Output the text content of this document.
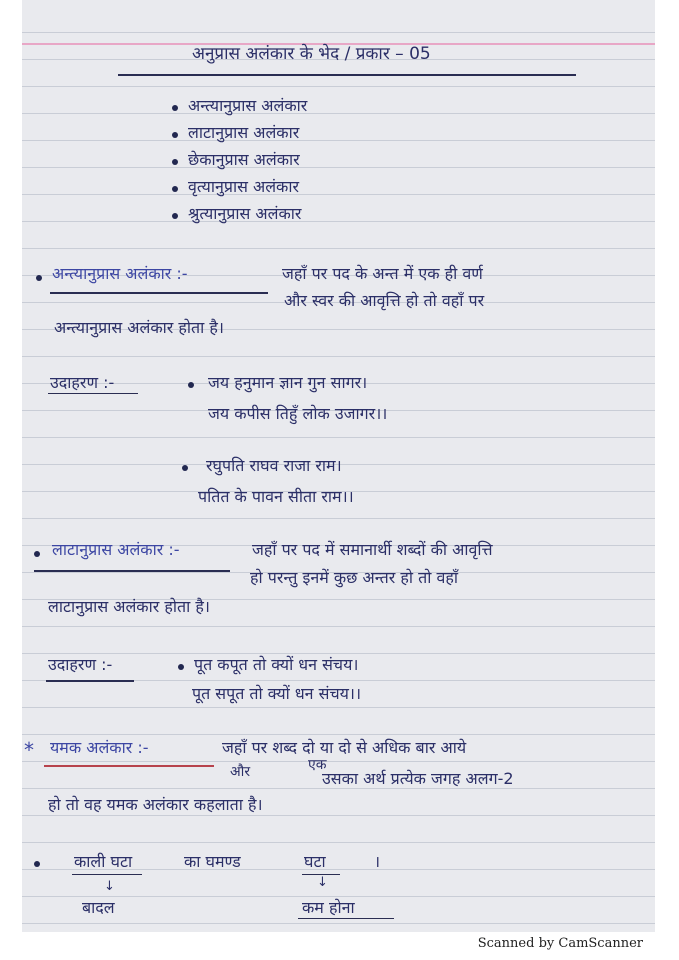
अनुप्रास अलंकार के भेद / प्रकार – 05
अन्त्यानुप्रास अलंकार
लाटानुप्रास अलंकार
छेकानुप्रास अलंकार
वृत्यानुप्रास अलंकार
श्रुत्यानुप्रास अलंकार
अन्त्यानुप्रास अलंकार :-	जहाँ पर पद के अन्त में एक ही वर्ण
और स्वर की आवृत्ति हो तो वहाँ पर
अन्त्यानुप्रास अलंकार होता है।
उदाहरण :-	जय हनुमान ज्ञान गुन सागर।
जय कपीस तिहुँ लोक उजागर।।
रघुपति राघव राजा राम।
पतित के पावन सीता राम।।
लाटानुप्रास अलंकार :-	जहाँ पर पद में समानार्थी शब्दों की आवृत्ति
हो परन्तु इनमें कुछ अन्तर हो तो वहाँ
लाटानुप्रास अलंकार होता है।
उदाहरण :-	पूत कपूत तो क्यों धन संचय।
पूत सपूत तो क्यों धन संचय।।
* यमक अलंकार :-	जहाँ पर शब्द दो या दो से अधिक बार आये
और	एक
उसका अर्थ प्रत्येक जगह अलग-2
हो तो वह यमक अलंकार कहलाता है।
काली घटा	का घमण्ड	घटा	।
↓	↓
बादल	कम होना
Scanned by CamScanner
